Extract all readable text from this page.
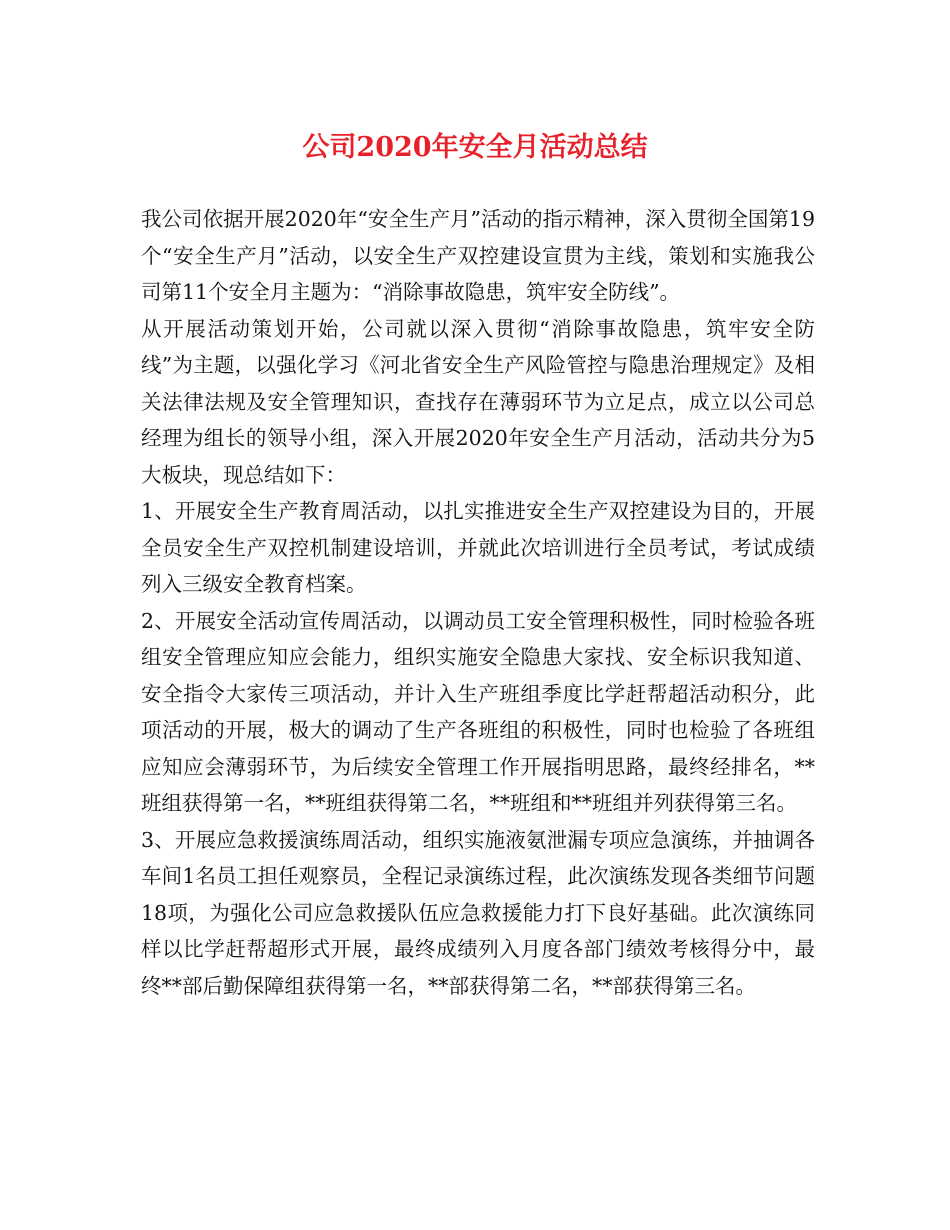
公司2020年安全月活动总结

我公司依据开展2020年“安全生产月”活动的指示精神，深入贯彻全国第19个“安全生产月”活动，以安全生产双控建设宣贯为主线，策划和实施我公司第11个安全月主题为：“消除事故隐患，筑牢安全防线”。

从开展活动策划开始，公司就以深入贯彻“消除事故隐患，筑牢安全防线”为主题，以强化学习《河北省安全生产风险管控与隐患治理规定》及相关法律法规及安全管理知识，查找存在薄弱环节为立足点，成立以公司总经理为组长的领导小组，深入开展2020年安全生产月活动，活动共分为5大板块，现总结如下：

1、开展安全生产教育周活动，以扎实推进安全生产双控建设为目的，开展全员安全生产双控机制建设培训，并就此次培训进行全员考试，考试成绩列入三级安全教育档案。

2、开展安全活动宣传周活动，以调动员工安全管理积极性，同时检验各班组安全管理应知应会能力，组织实施安全隐患大家找、安全标识我知道、安全指令大家传三项活动，并计入生产班组季度比学赶帮超活动积分，此项活动的开展，极大的调动了生产各班组的积极性，同时也检验了各班组应知应会薄弱环节，为后续安全管理工作开展指明思路，最终经排名，**班组获得第一名，**班组获得第二名，**班组和**班组并列获得第三名。

3、开展应急救援演练周活动，组织实施液氨泄漏专项应急演练，并抽调各车间1名员工担任观察员，全程记录演练过程，此次演练发现各类细节问题18项，为强化公司应急救援队伍应急救援能力打下良好基础。此次演练同样以比学赶帮超形式开展，最终成绩列入月度各部门绩效考核得分中，最终**部后勤保障组获得第一名，**部获得第二名，**部获得第三名。
